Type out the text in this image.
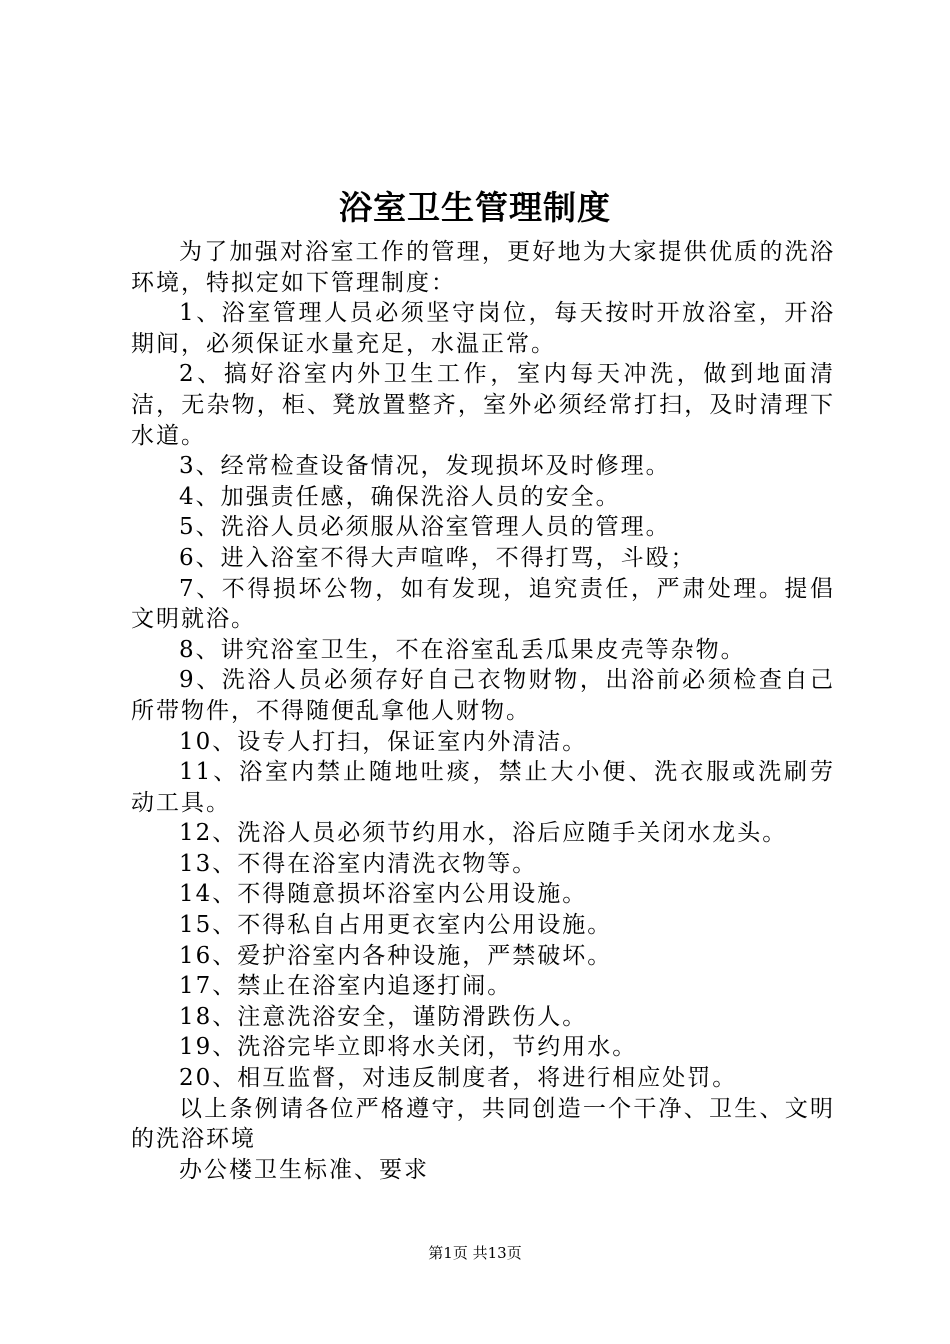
浴室卫生管理制度

为了加强对浴室工作的管理，更好地为大家提供优质的洗浴环境，特拟定如下管理制度：

1、浴室管理人员必须坚守岗位，每天按时开放浴室，开浴期间，必须保证水量充足，水温正常。

2、搞好浴室内外卫生工作，室内每天冲洗，做到地面清洁，无杂物，柜、凳放置整齐，室外必须经常打扫，及时清理下水道。

3、经常检查设备情况，发现损坏及时修理。

4、加强责任感，确保洗浴人员的安全。

5、洗浴人员必须服从浴室管理人员的管理。

6、进入浴室不得大声喧哗，不得打骂，斗殴；

7、不得损坏公物，如有发现，追究责任，严肃处理。提倡文明就浴。

8、讲究浴室卫生，不在浴室乱丢瓜果皮壳等杂物。

9、洗浴人员必须存好自己衣物财物，出浴前必须检查自己所带物件，不得随便乱拿他人财物。

10、设专人打扫，保证室内外清洁。

11、浴室内禁止随地吐痰，禁止大小便、洗衣服或洗刷劳动工具。

12、洗浴人员必须节约用水，浴后应随手关闭水龙头。

13、不得在浴室内清洗衣物等。

14、不得随意损坏浴室内公用设施。

15、不得私自占用更衣室内公用设施。

16、爱护浴室内各种设施，严禁破坏。

17、禁止在浴室内追逐打闹。

18、注意洗浴安全，谨防滑跌伤人。

19、洗浴完毕立即将水关闭，节约用水。

20、相互监督，对违反制度者，将进行相应处罚。

以上条例请各位严格遵守，共同创造一个干净、卫生、文明的洗浴环境

办公楼卫生标准、要求

第1页 共13页
